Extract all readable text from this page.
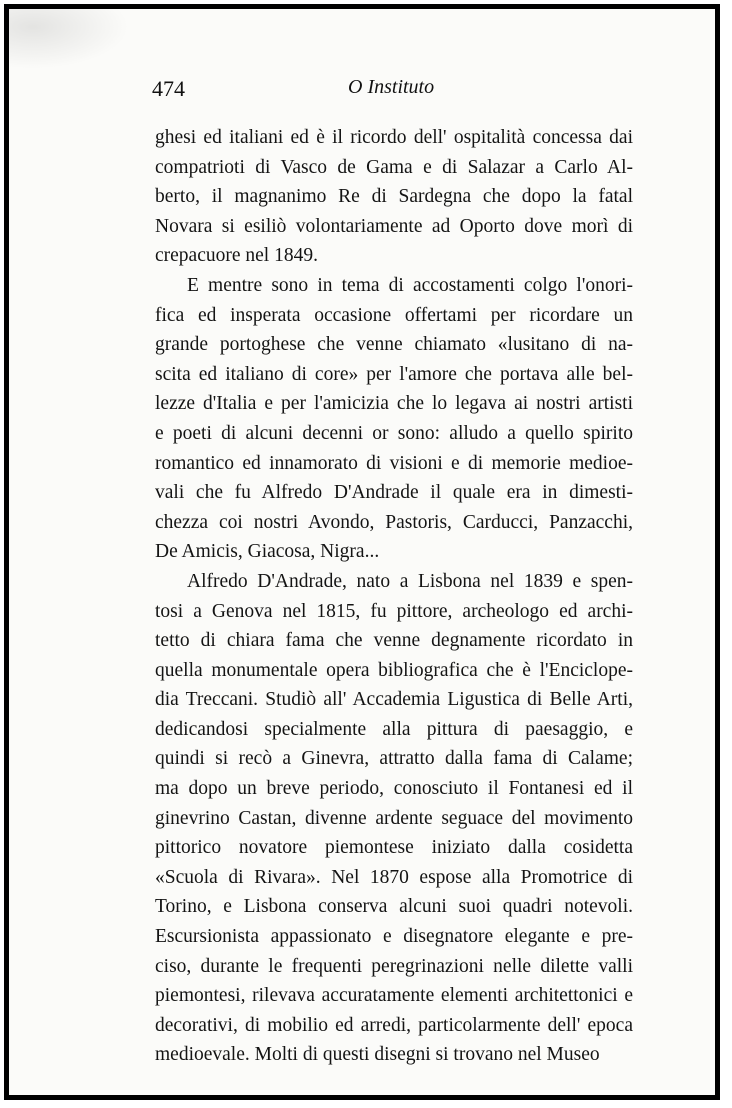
474	O Instituto
ghesi ed italiani ed è il ricordo dell' ospitalità concessa dai
compatrioti di Vasco de Gama e di Salazar a Carlo Al-
berto, il magnanimo Re di Sardegna che dopo la fatal
Novara si esiliò volontariamente ad Oporto dove morì di
crepacuore nel 1849.
E mentre sono in tema di accostamenti colgo l'onori-
fica ed insperata occasione offertami per ricordare un
grande portoghese che venne chiamato «lusitano di na-
scita ed italiano di core» per l'amore che portava alle bel-
lezze d'Italia e per l'amicizia che lo legava ai nostri artisti
e poeti di alcuni decenni or sono: alludo a quello spirito
romantico ed innamorato di visioni e di memorie medioe-
vali che fu Alfredo D'Andrade il quale era in dimesti-
chezza coi nostri Avondo, Pastoris, Carducci, Panzacchi,
De Amicis, Giacosa, Nigra...
Alfredo D'Andrade, nato a Lisbona nel 1839 e spen-
tosi a Genova nel 1815, fu pittore, archeologo ed archi-
tetto di chiara fama che venne degnamente ricordato in
quella monumentale opera bibliografica che è l'Enciclope-
dia Treccani. Studiò all' Accademia Ligustica di Belle Arti,
dedicandosi specialmente alla pittura di paesaggio, e
quindi si recò a Ginevra, attratto dalla fama di Calame;
ma dopo un breve periodo, conosciuto il Fontanesi ed il
ginevrino Castan, divenne ardente seguace del movimento
pittorico novatore piemontese iniziato dalla cosidetta
«Scuola di Rivara». Nel 1870 espose alla Promotrice di
Torino, e Lisbona conserva alcuni suoi quadri notevoli.
Escursionista appassionato e disegnatore elegante e pre-
ciso, durante le frequenti peregrinazioni nelle dilette valli
piemontesi, rilevava accuratamente elementi architettonici e
decorativi, di mobilio ed arredi, particolarmente dell' epoca
medioevale. Molti di questi disegni si trovano nel Museo
